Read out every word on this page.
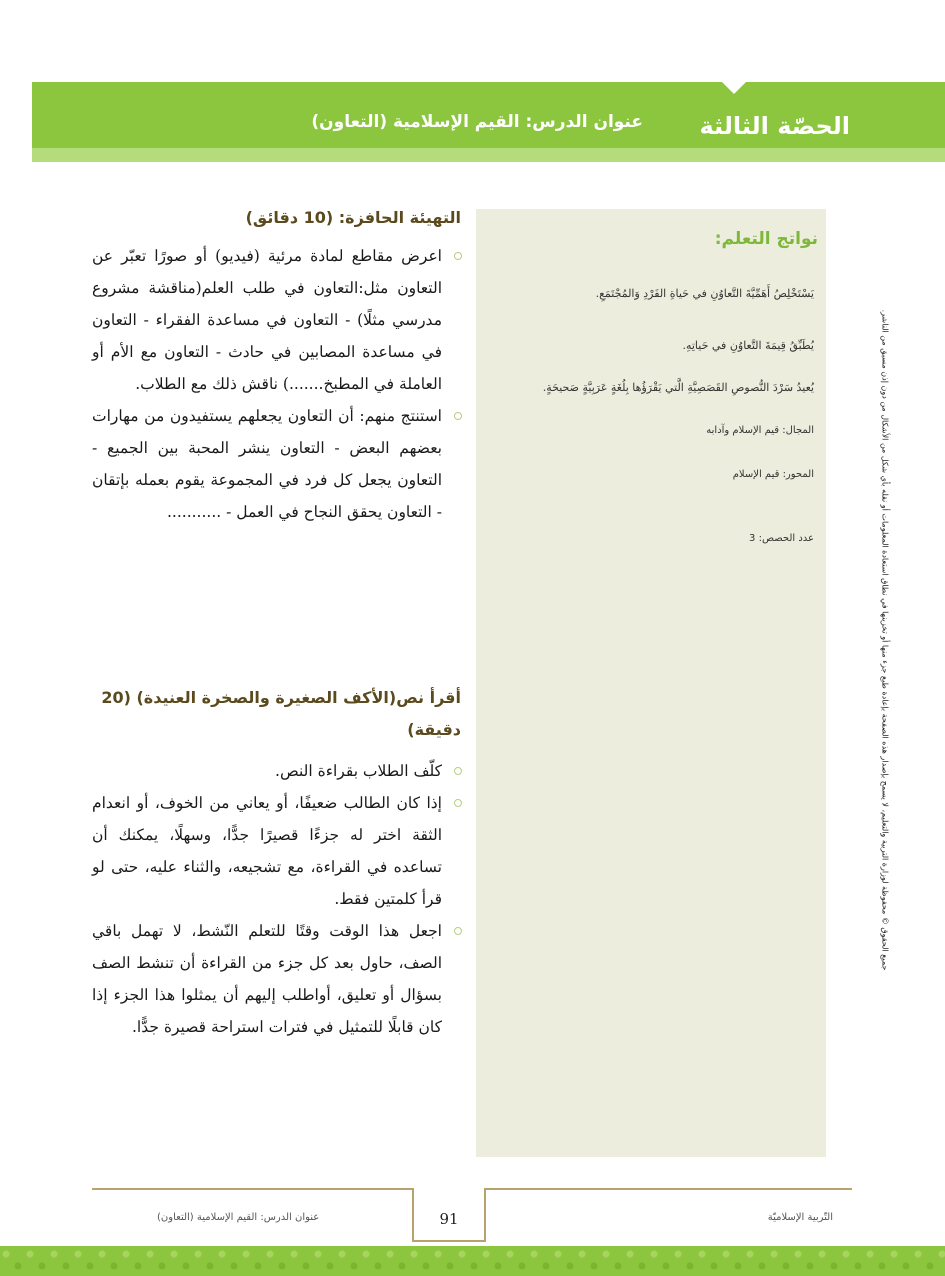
الحصّة الثالثة
عنوان الدرس: القيم الإسلامية (التعاون)
نواتج التعلم:
يَسْتَخْلِصُ أَهَمِّيَّةَ التَّعاوُنِ في حَياةِ الفَرْدِ وَالمُجْتَمَعِ.
يُطَبِّقُ قِيمَةَ التَّعاوُنِ في حَياتِهِ.
يُعيدُ سَرْدَ النُّصوصِ القَصَصِيَّةِ الَّتي يَقْرَؤُها بِلُغَةٍ عَرَبِيَّةٍ صَحيحَةٍ.
المجال: قيم الإسلام وآدابه
المحور: قيم الإسلام
عدد الحصص: 3	جميع الحقوق © محفوظة لوزارة التربية والتعليم، لا يسمح بإصدار هذه الصفحة بإعادة طبع جزء منها أو تخزينها في نطاق استعادة المعلومات أو نقله بأي شكل من الأشكال من دون إذن مسبق من الناشر.
التهيئة الحافزة: (10 دقائق)
اعرض مقاطع لمادة مرئية (فيديو) أو صورًا تعبّر عن التعاون مثل:التعاون في طلب العلم(مناقشة مشروع مدرسي مثلًا) - التعاون في مساعدة الفقراء - التعاون في مساعدة المصابين في حادث - التعاون مع الأم أو العاملة في المطبخ.......) ناقش ذلك مع الطلاب.
استنتج منهم: أن التعاون يجعلهم يستفيدون من مهارات بعضهم البعض - التعاون ينشر المحبة بين الجميع - التعاون يجعل كل فرد في المجموعة يقوم بعمله بإتقان - التعاون يحقق النجاح في العمل - ...........
أقرأ نص(الأكف الصغيرة والصخرة العنيدة) (20 دقيقة)
كلّف الطلاب بقراءة النص.
إذا كان الطالب ضعيفًا، أو يعاني من الخوف، أو انعدام الثقة اختر له جزءًا قصيرًا جدًّا، وسهلًا، يمكنك أن تساعده في القراءة، مع تشجيعه، والثناء عليه، حتى لو قرأ كلمتين فقط.
اجعل هذا الوقت وقتًا للتعلم النّشط، لا تهمل باقي الصف، حاول بعد كل جزء من القراءة أن تنشط الصف بسؤال أو تعليق، أواطلب إليهم أن يمثلوا هذا الجزء إذا كان قابلًا للتمثيل في فترات استراحة قصيرة جدًّا.
91
عنوان الدرس: القيم الإسلامية (التعاون)	التّربية الإسلاميّة
